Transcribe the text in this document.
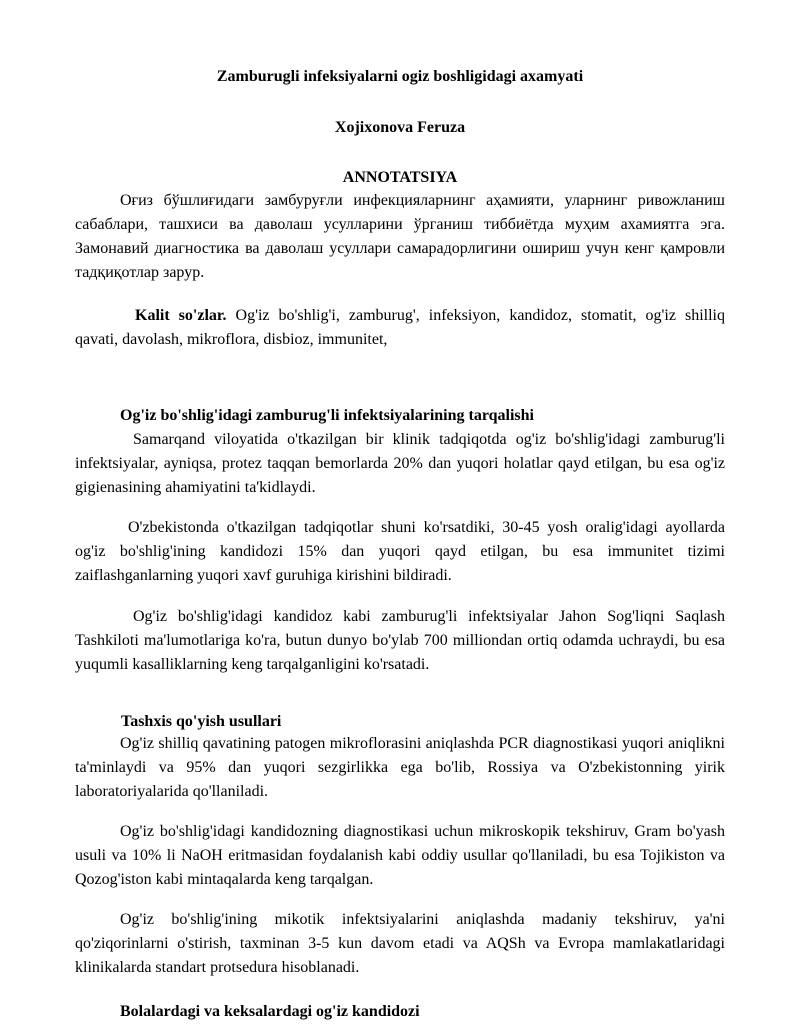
Zamburugli infeksiyalarni ogiz boshligidagi axamyati
Xojixonova Feruza
ANNOTATSIYA

Оғиз бўшлиғидаги замбуруғли инфекцияларнинг аҳамияти, уларнинг ривожланиш сабаблари, ташхиси ва даволаш усулларини ўрганиш тиббиётда муҳим ахамиятга эга. Замонавий диагностика ва даволаш усуллари самарадорлигини ошириш учун кенг қамровли тадқиқотлар зарур.

Kalit so'zlar. Og'iz bo'shlig'i, zamburug', infeksiyon, kandidoz, stomatit, og'iz shilliq qavati, davolash, mikroflora, disbioz, immunitet,

Og'iz bo'shlig'idagi zamburug'li infektsiyalarining tarqalishi

Samarqand viloyatida o'tkazilgan bir klinik tadqiqotda og'iz bo'shlig'idagi zamburug'li infektsiyalar, ayniqsa, protez taqqan bemorlarda 20% dan yuqori holatlar qayd etilgan, bu esa og'iz gigienasining ahamiyatini ta'kidlaydi.

O'zbekistonda o'tkazilgan tadqiqotlar shuni ko'rsatdiki, 30-45 yosh oralig'idagi ayollarda og'iz bo'shlig'ining kandidozi 15% dan yuqori qayd etilgan, bu esa immunitet tizimi zaiflashganlarning yuqori xavf guruhiga kirishini bildiradi.

Og'iz bo'shlig'idagi kandidoz kabi zamburug'li infektsiyalar Jahon Sog'liqni Saqlash Tashkiloti ma'lumotlariga ko'ra, butun dunyo bo'ylab 700 milliondan ortiq odamda uchraydi, bu esa yuqumli kasalliklarning keng tarqalganligini ko'rsatadi.

Tashxis qo'yish usullari

Og'iz shilliq qavatining patogen mikroflorasini aniqlashda PCR diagnostikasi yuqori aniqlikni ta'minlaydi va 95% dan yuqori sezgirlikka ega bo'lib, Rossiya va O'zbekistonning yirik laboratoriyalarida qo'llaniladi.

Og'iz bo'shlig'idagi kandidozning diagnostikasi uchun mikroskopik tekshiruv, Gram bo'yash usuli va 10% li NaOH eritmasidan foydalanish kabi oddiy usullar qo'llaniladi, bu esa Tojikiston va Qozog'iston kabi mintaqalarda keng tarqalgan.

Og'iz bo'shlig'ining mikotik infektsiyalarini aniqlashda madaniy tekshiruv, ya'ni qo'ziqorinlarni o'stirish, taxminan 3-5 kun davom etadi va AQSh va Evropa mamlakatlaridagi klinikalarda standart protsedura hisoblanadi.

Bolalardagi va keksalardagi og'iz kandidozi
